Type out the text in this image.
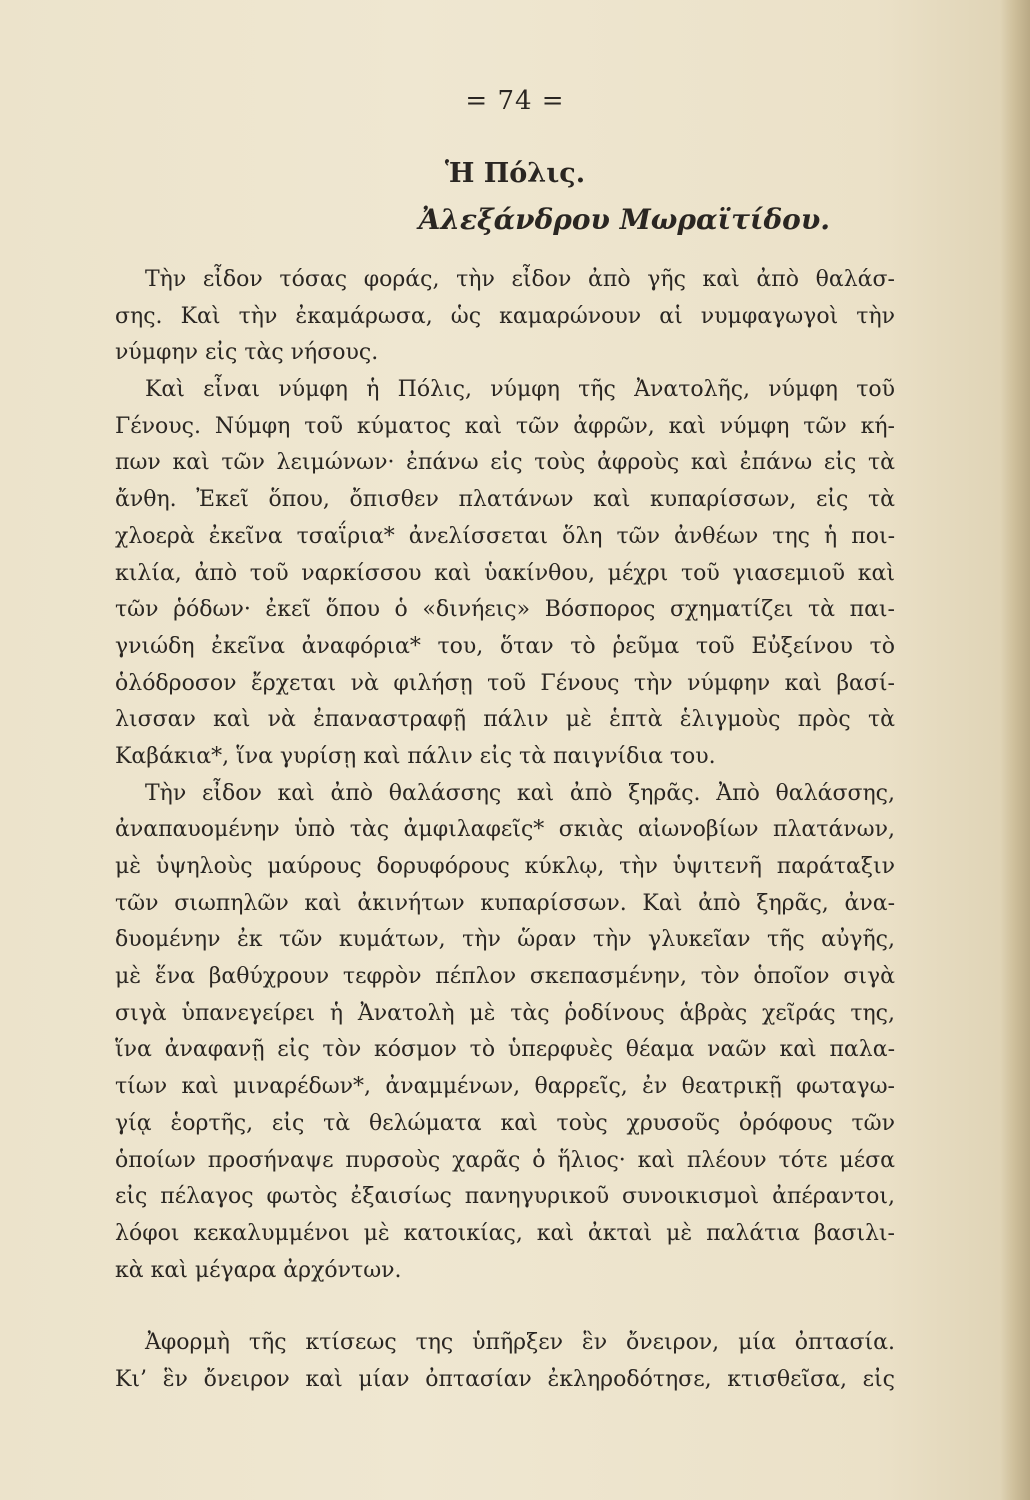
= 74 =
Ἡ Πόλις.
Ἀλεξάνδρου Μωραϊτίδου.
Τὴν εἶδον τόσας φοράς, τὴν εἶδον ἀπὸ γῆς καὶ ἀπὸ θαλάσ-
σης. Καὶ τὴν ἐκαμάρωσα, ὡς καμαρώνουν αἱ νυμφαγωγοὶ τὴν
νύμφην εἰς τὰς νήσους.
Καὶ εἶναι νύμφη ἡ Πόλις, νύμφη τῆς Ἀνατολῆς, νύμφη τοῦ
Γένους. Νύμφη τοῦ κύματος καὶ τῶν ἀφρῶν, καὶ νύμφη τῶν κή-
πων καὶ τῶν λειμώνων· ἐπάνω εἰς τοὺς ἀφροὺς καὶ ἐπάνω εἰς τὰ
ἄνθη. Ἐκεῖ ὅπου, ὄπισθεν πλατάνων καὶ κυπαρίσσων, εἰς τὰ
χλοερὰ ἐκεῖνα τσαΐρια* ἀνελίσσεται ὅλη τῶν ἀνθέων της ἡ ποι-
κιλία, ἀπὸ τοῦ ναρκίσσου καὶ ὑακίνθου, μέχρι τοῦ γιασεμιοῦ καὶ
τῶν ῥόδων· ἐκεῖ ὅπου ὁ «δινήεις» Βόσπορος σχηματίζει τὰ παι-
γνιώδη ἐκεῖνα ἀναφόρια* του, ὅταν τὸ ῥεῦμα τοῦ Εὐξείνου τὸ
ὁλόδροσον ἔρχεται νὰ φιλήσῃ τοῦ Γένους τὴν νύμφην καὶ βασί-
λισσαν καὶ νὰ ἐπαναστραφῇ πάλιν μὲ ἑπτὰ ἑλιγμοὺς πρὸς τὰ
Καβάκια*, ἵνα γυρίσῃ καὶ πάλιν εἰς τὰ παιγνίδια του.
Τὴν εἶδον καὶ ἀπὸ θαλάσσης καὶ ἀπὸ ξηρᾶς. Ἀπὸ θαλάσσης,
ἀναπαυομένην ὑπὸ τὰς ἀμφιλαφεῖς* σκιὰς αἰωνοβίων πλατάνων,
μὲ ὑψηλοὺς μαύρους δορυφόρους κύκλῳ, τὴν ὑψιτενῆ παράταξιν
τῶν σιωπηλῶν καὶ ἀκινήτων κυπαρίσσων. Καὶ ἀπὸ ξηρᾶς, ἀνα-
δυομένην ἐκ τῶν κυμάτων, τὴν ὥραν τὴν γλυκεῖαν τῆς αὐγῆς,
μὲ ἕνα βαθύχρουν τεφρὸν πέπλον σκεπασμένην, τὸν ὁποῖον σιγὰ
σιγὰ ὑπανεγείρει ἡ Ἀνατολὴ μὲ τὰς ῥοδίνους ἁβρὰς χεῖράς της,
ἵνα ἀναφανῇ εἰς τὸν κόσμον τὸ ὑπερφυὲς θέαμα ναῶν καὶ παλα-
τίων καὶ μιναρέδων*, ἀναμμένων, θαρρεῖς, ἐν θεατρικῇ φωταγω-
γίᾳ ἑορτῆς, εἰς τὰ θελώματα καὶ τοὺς χρυσοῦς ὀρόφους τῶν
ὁποίων προσήναψε πυρσοὺς χαρᾶς ὁ ἥλιος· καὶ πλέουν τότε μέσα
εἰς πέλαγος φωτὸς ἐξαισίως πανηγυρικοῦ συνοικισμοὶ ἀπέραντοι,
λόφοι κεκαλυμμένοι μὲ κατοικίας, καὶ ἀκταὶ μὲ παλάτια βασιλι-
κὰ καὶ μέγαρα ἀρχόντων.
Ἀφορμὴ τῆς κτίσεως της ὑπῆρξεν ἓν ὄνειρον, μία ὀπτασία.
Κι’ ἓν ὄνειρον καὶ μίαν ὀπτασίαν ἐκληροδότησε, κτισθεῖσα, εἰς
